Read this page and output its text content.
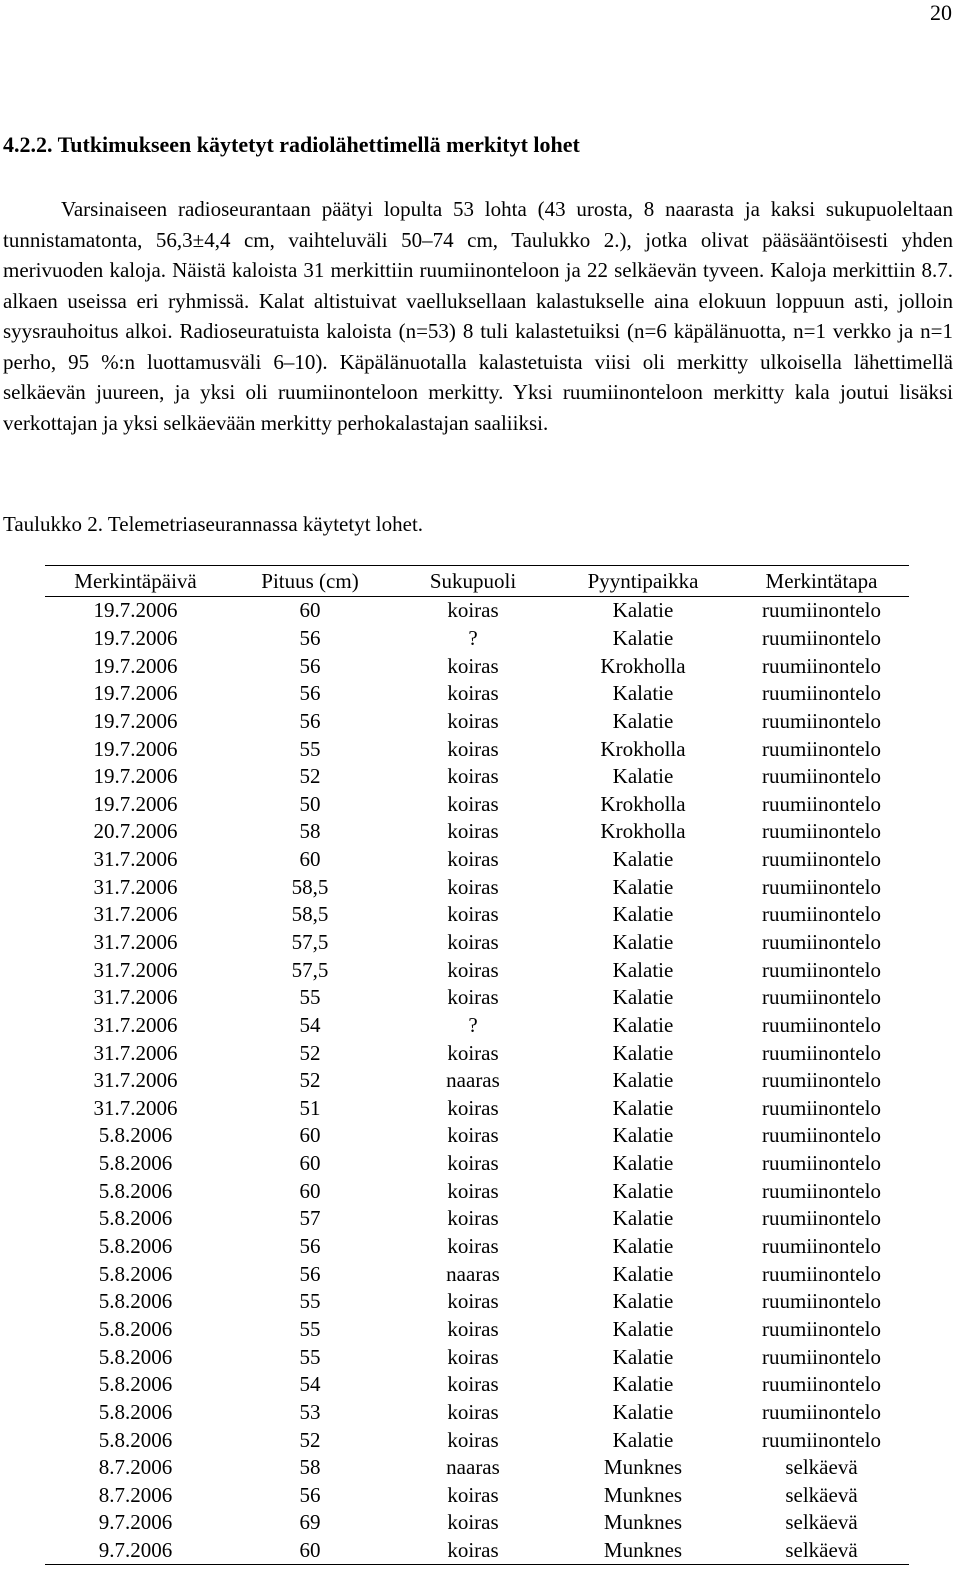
20
4.2.2. Tutkimukseen käytetyt radiolähettimellä merkityt lohet

Varsinaiseen radioseurantaan päätyi lopulta 53 lohta (43 urosta, 8 naarasta ja kaksi sukupuoleltaan tunnistamatonta, 56,3±4,4 cm, vaihteluväli 50–74 cm, Taulukko 2.), jotka olivat pääsääntöisesti yhden merivuoden kaloja. Näistä kaloista 31 merkittiin ruumiinonteloon ja 22 selkäevän tyveen. Kaloja merkittiin 8.7. alkaen useissa eri ryhmissä. Kalat altistuivat vaelluksellaan kalastukselle aina elokuun loppuun asti, jolloin syysrauhoitus alkoi. Radioseuratuista kaloista (n=53) 8 tuli kalastetuiksi (n=6 käpälänuotta, n=1 verkko ja n=1 perho, 95 %:n luottamusväli 6–10). Käpälänuotalla kalastetuista viisi oli merkitty ulkoisella lähettimellä selkäevän juureen, ja yksi oli ruumiinonteloon merkitty. Yksi ruumiinonteloon merkitty kala joutui lisäksi verkottajan ja yksi selkäevään merkitty perhokalastajan saaliiksi.

Taulukko 2. Telemetriaseurannassa käytetyt lohet.
Merkintäpäivä	Pituus (cm)	Sukupuoli	Pyyntipaikka	Merkintätapa
19.7.2006	60	koiras	Kalatie	ruumiinontelo
19.7.2006	56	?	Kalatie	ruumiinontelo
19.7.2006	56	koiras	Krokholla	ruumiinontelo
19.7.2006	56	koiras	Kalatie	ruumiinontelo
19.7.2006	56	koiras	Kalatie	ruumiinontelo
19.7.2006	55	koiras	Krokholla	ruumiinontelo
19.7.2006	52	koiras	Kalatie	ruumiinontelo
19.7.2006	50	koiras	Krokholla	ruumiinontelo
20.7.2006	58	koiras	Krokholla	ruumiinontelo
31.7.2006	60	koiras	Kalatie	ruumiinontelo
31.7.2006	58,5	koiras	Kalatie	ruumiinontelo
31.7.2006	58,5	koiras	Kalatie	ruumiinontelo
31.7.2006	57,5	koiras	Kalatie	ruumiinontelo
31.7.2006	57,5	koiras	Kalatie	ruumiinontelo
31.7.2006	55	koiras	Kalatie	ruumiinontelo
31.7.2006	54	?	Kalatie	ruumiinontelo
31.7.2006	52	koiras	Kalatie	ruumiinontelo
31.7.2006	52	naaras	Kalatie	ruumiinontelo
31.7.2006	51	koiras	Kalatie	ruumiinontelo
5.8.2006	60	koiras	Kalatie	ruumiinontelo
5.8.2006	60	koiras	Kalatie	ruumiinontelo
5.8.2006	60	koiras	Kalatie	ruumiinontelo
5.8.2006	57	koiras	Kalatie	ruumiinontelo
5.8.2006	56	koiras	Kalatie	ruumiinontelo
5.8.2006	56	naaras	Kalatie	ruumiinontelo
5.8.2006	55	koiras	Kalatie	ruumiinontelo
5.8.2006	55	koiras	Kalatie	ruumiinontelo
5.8.2006	55	koiras	Kalatie	ruumiinontelo
5.8.2006	54	koiras	Kalatie	ruumiinontelo
5.8.2006	53	koiras	Kalatie	ruumiinontelo
5.8.2006	52	koiras	Kalatie	ruumiinontelo
8.7.2006	58	naaras	Munknes	selkäevä
8.7.2006	56	koiras	Munknes	selkäevä
9.7.2006	69	koiras	Munknes	selkäevä
9.7.2006	60	koiras	Munknes	selkäevä
